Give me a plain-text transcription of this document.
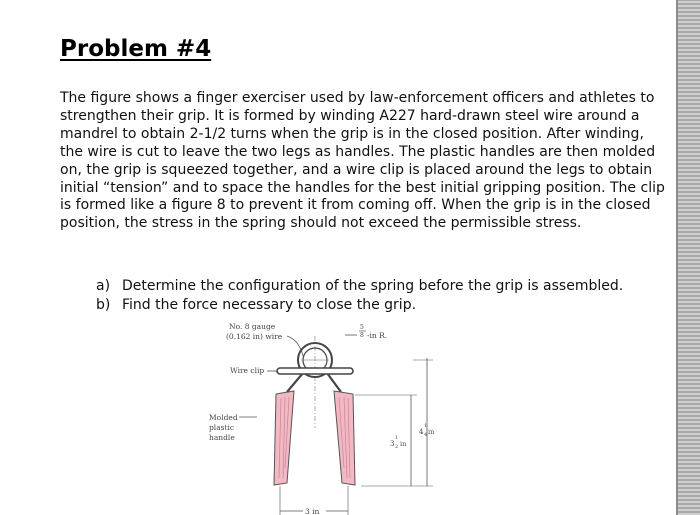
Problem #4
The figure shows a finger exerciser used by law-enforcement officers and athletes to strengthen their grip. It is formed by winding A227 hard-drawn steel wire around a mandrel to obtain 2-1/2 turns when the grip is in the closed position. After winding, the wire is cut to leave the two legs as handles. The plastic handles are then molded on, the grip is squeezed together, and a wire clip is placed around the legs to obtain initial “tension” and to space the handles for the best initial gripping position. The clip is formed like a figure 8 to prevent it from coming off. When the grip is in the closed position, the stress in the spring should not exceed the permissible stress.
a) Determine the configuration of the spring before the grip is assembled.
b) Find the force necessary to close the grip.
No. 8 gauge
(0.162 in) wire
5
8 -in R.
Wire clip
Molded
plastic
handle
4
1
4 in
3
1
2 in
3 in
